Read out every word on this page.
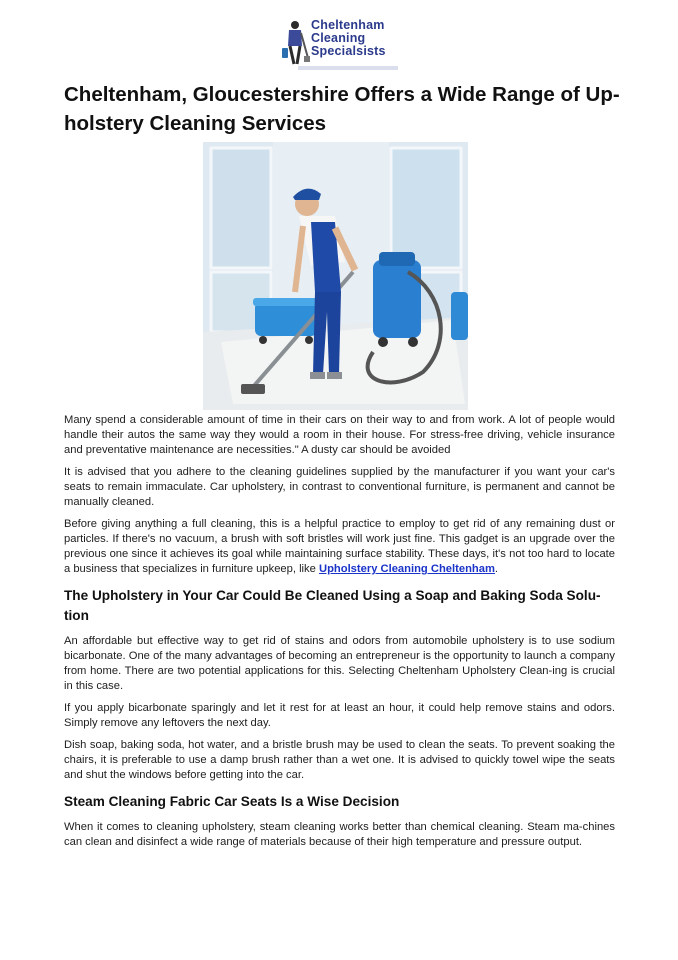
Cheltenham
Cleaning
Specialsists
Cheltenham, Gloucestershire Offers a Wide Range of Up-holstery Cleaning Services

Many spend a considerable amount of time in their cars on their way to and from work. A lot of people would handle their autos the same way they would a room in their house. For stress-free driving, vehicle insurance and preventative maintenance are necessities." A dusty car should be avoided

It is advised that you adhere to the cleaning guidelines supplied by the manufacturer if you want your car's seats to remain immaculate. Car upholstery, in contrast to conventional furniture, is permanent and cannot be manually cleaned.

Before giving anything a full cleaning, this is a helpful practice to employ to get rid of any remaining dust or particles. If there's no vacuum, a brush with soft bristles will work just fine. This gadget is an upgrade over the previous one since it achieves its goal while maintaining surface stability. These days, it's not too hard to locate a business that specializes in furniture upkeep, like Upholstery Cleaning Cheltenham.

The Upholstery in Your Car Could Be Cleaned Using a Soap and Baking Soda Solu-tion

An affordable but effective way to get rid of stains and odors from automobile upholstery is to use sodium bicarbonate. One of the many advantages of becoming an entrepreneur is the opportunity to launch a company from home. There are two potential applications for this. Selecting Cheltenham Upholstery Clean-ing is crucial in this case.

If you apply bicarbonate sparingly and let it rest for at least an hour, it could help remove stains and odors. Simply remove any leftovers the next day.

Dish soap, baking soda, hot water, and a bristle brush may be used to clean the seats. To prevent soaking the chairs, it is preferable to use a damp brush rather than a wet one. It is advised to quickly towel wipe the seats and shut the windows before getting into the car.

Steam Cleaning Fabric Car Seats Is a Wise Decision

When it comes to cleaning upholstery, steam cleaning works better than chemical cleaning. Steam ma-chines can clean and disinfect a wide range of materials because of their high temperature and pressure output.
